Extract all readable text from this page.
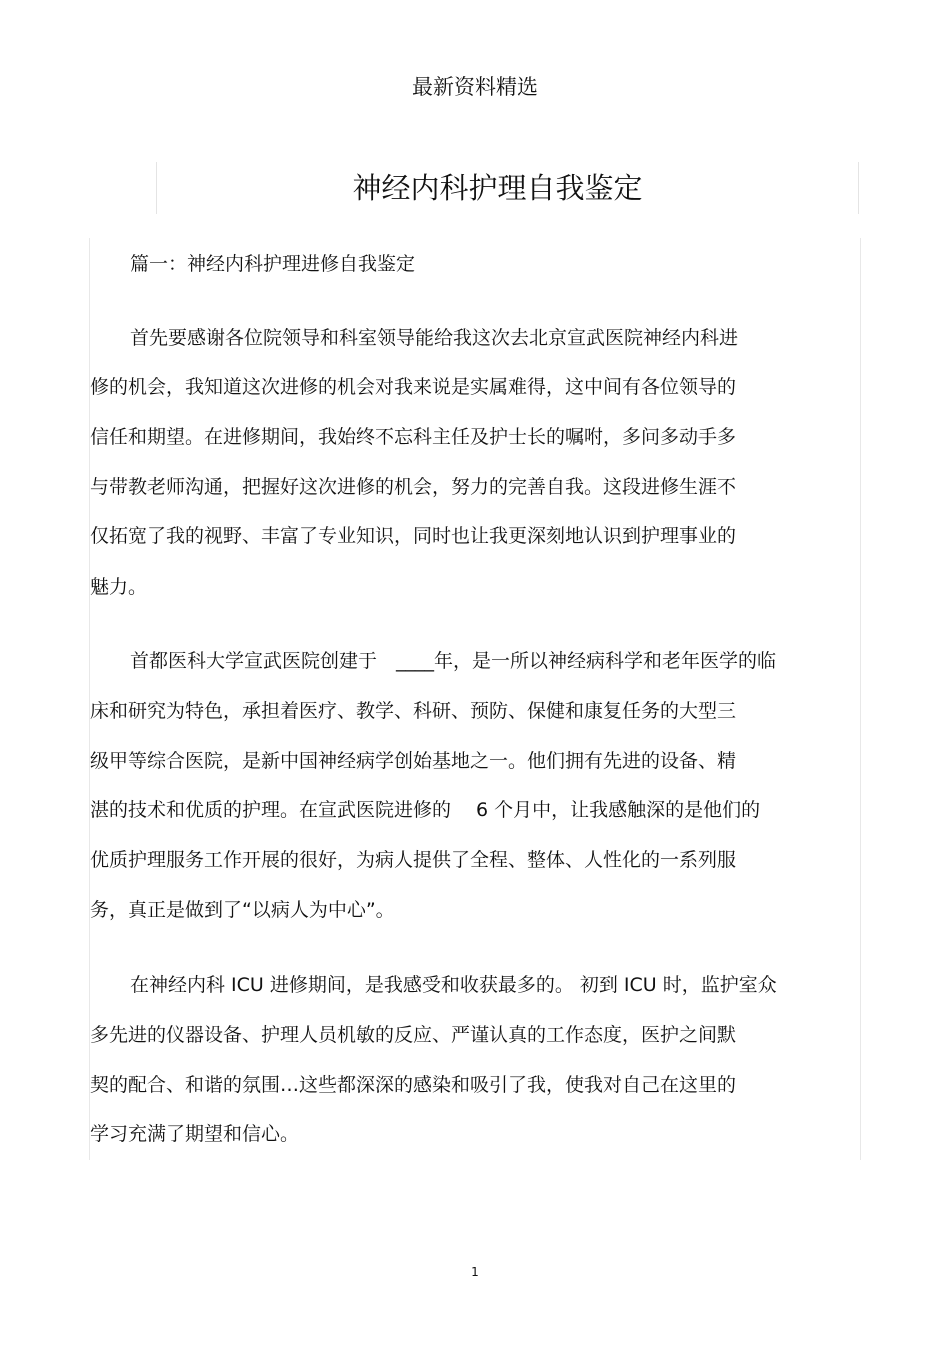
最新资料精选
神经内科护理自我鉴定
篇一：神经内科护理进修自我鉴定
首先要感谢各位院领导和科室领导能给我这次去北京宣武医院神经内科进
修的机会，我知道这次进修的机会对我来说是实属难得，这中间有各位领导的
信任和期望。在进修期间，我始终不忘科主任及护士长的嘱咐，多问多动手多
与带教老师沟通，把握好这次进修的机会，努力的完善自我。这段进修生涯不
仅拓宽了我的视野、丰富了专业知识，同时也让我更深刻地认识到护理事业的
魅力。
首都医科大学宣武医院创建于　____年，是一所以神经病科学和老年医学的临
床和研究为特色，承担着医疗、教学、科研、预防、保健和康复任务的大型三
级甲等综合医院，是新中国神经病学创始基地之一。他们拥有先进的设备、精
湛的技术和优质的护理。在宣武医院进修的　 6 个月中，让我感触深的是他们的
优质护理服务工作开展的很好，为病人提供了全程、整体、人性化的一系列服
务，真正是做到了“以病人为中心”。
在神经内科 ICU 进修期间，是我感受和收获最多的。 初到 ICU 时，监护室众
多先进的仪器设备、护理人员机敏的反应、严谨认真的工作态度，医护之间默
契的配合、和谐的氛围…这些都深深的感染和吸引了我，使我对自己在这里的
学习充满了期望和信心。
1
